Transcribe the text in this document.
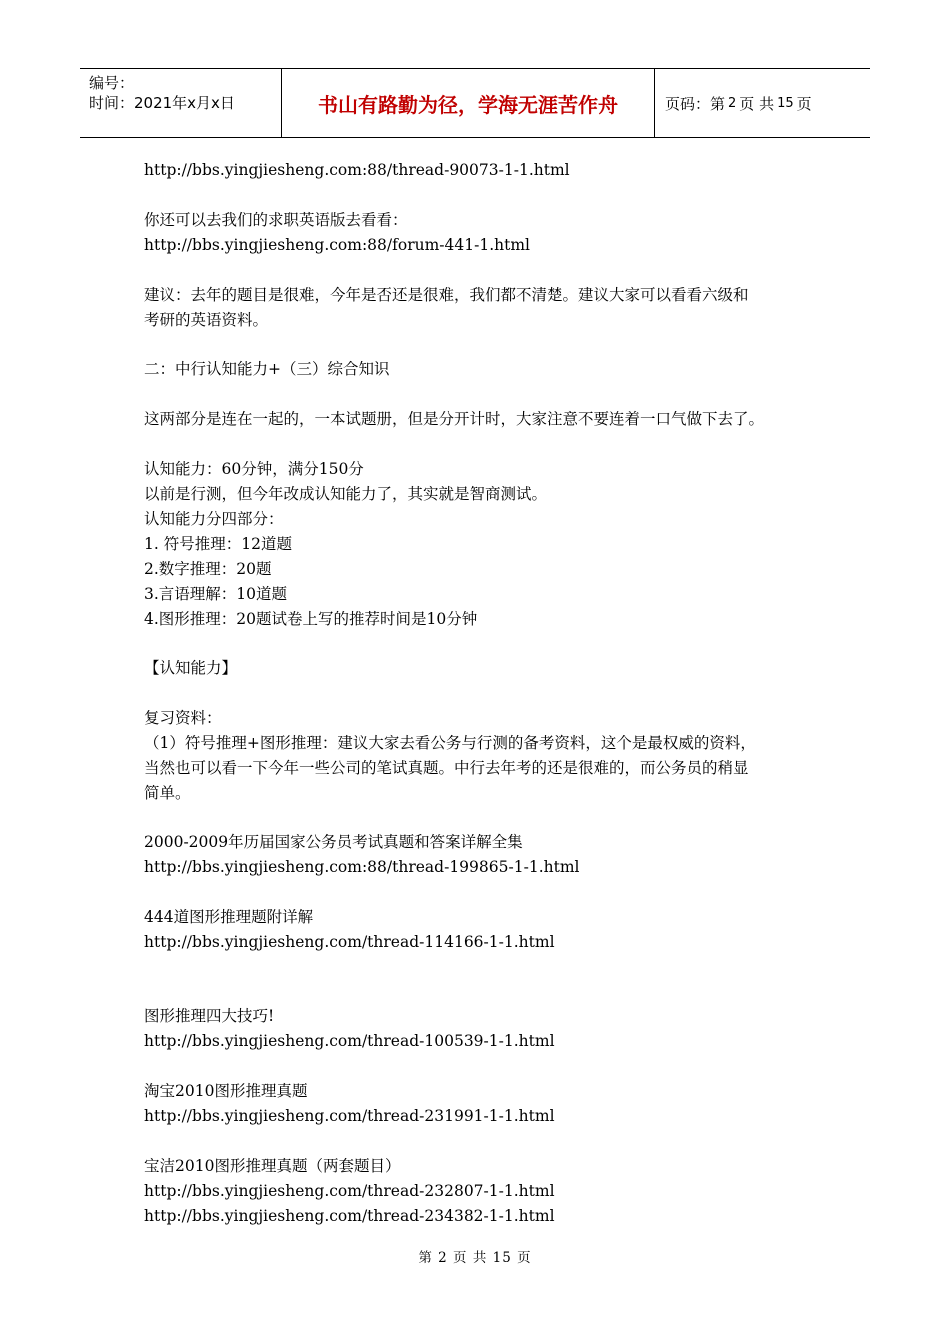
编号：
时间：2021年x月x日	书山有路勤为径，学海无涯苦作舟	页码：第 2 页 共 15 页
http://bbs.yingjiesheng.com:88/thread-90073-1-1.html
你还可以去我们的求职英语版去看看：
http://bbs.yingjiesheng.com:88/forum-441-1.html
建议：去年的题目是很难，今年是否还是很难，我们都不清楚。建议大家可以看看六级和
考研的英语资料。
二：中行认知能力+（三）综合知识
这两部分是连在一起的，一本试题册，但是分开计时，大家注意不要连着一口气做下去了。
认知能力：60分钟，满分150分
以前是行测，但今年改成认知能力了，其实就是智商测试。
认知能力分四部分：
1. 符号推理：12道题
2.数字推理：20题
3.言语理解：10道题
4.图形推理：20题试卷上写的推荐时间是10分钟
【认知能力】
复习资料：
（1）符号推理+图形推理：建议大家去看公务与行测的备考资料，这个是最权威的资料，
当然也可以看一下今年一些公司的笔试真题。中行去年考的还是很难的，而公务员的稍显
简单。
2000-2009年历届国家公务员考试真题和答案详解全集
http://bbs.yingjiesheng.com:88/thread-199865-1-1.html
444道图形推理题附详解
http://bbs.yingjiesheng.com/thread-114166-1-1.html
图形推理四大技巧!
http://bbs.yingjiesheng.com/thread-100539-1-1.html
淘宝2010图形推理真题
http://bbs.yingjiesheng.com/thread-231991-1-1.html
宝洁2010图形推理真题（两套题目）
http://bbs.yingjiesheng.com/thread-232807-1-1.html
http://bbs.yingjiesheng.com/thread-234382-1-1.html
第 2 页 共 15 页
